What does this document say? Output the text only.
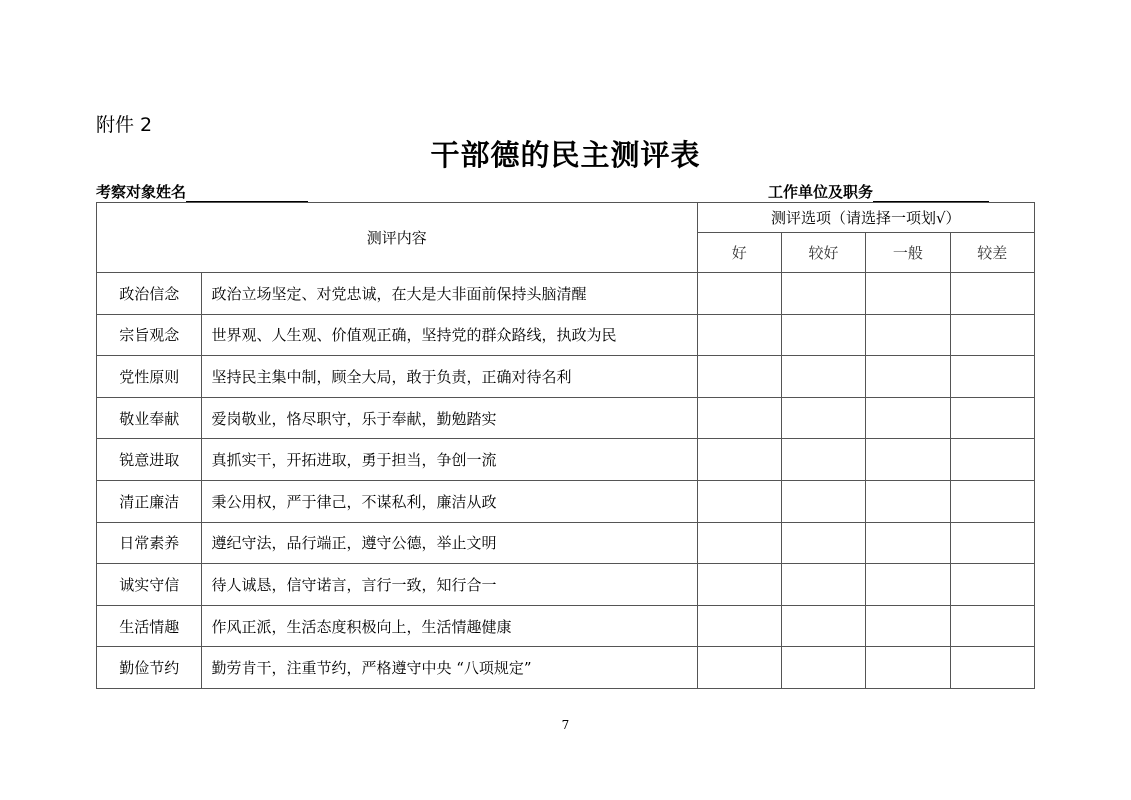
附件 2
干部德的民主测评表
考察对象姓名	工作单位及职务
测评内容		测评选项（请选择一项划√）			
		好	较好	一般	较差
政治信念	政治立场坚定、对党忠诚，在大是大非面前保持头脑清醒				
宗旨观念	世界观、人生观、价值观正确，坚持党的群众路线，执政为民				
党性原则	坚持民主集中制，顾全大局，敢于负责，正确对待名利				
敬业奉献	爱岗敬业，恪尽职守，乐于奉献，勤勉踏实				
锐意进取	真抓实干，开拓进取，勇于担当，争创一流				
清正廉洁	秉公用权，严于律己，不谋私利，廉洁从政				
日常素养	遵纪守法，品行端正，遵守公德，举止文明				
诚实守信	待人诚恳，信守诺言，言行一致，知行合一				
生活情趣	作风正派，生活态度积极向上，生活情趣健康				
勤俭节约	勤劳肯干，注重节约，严格遵守中央 “八项规定”				
7
